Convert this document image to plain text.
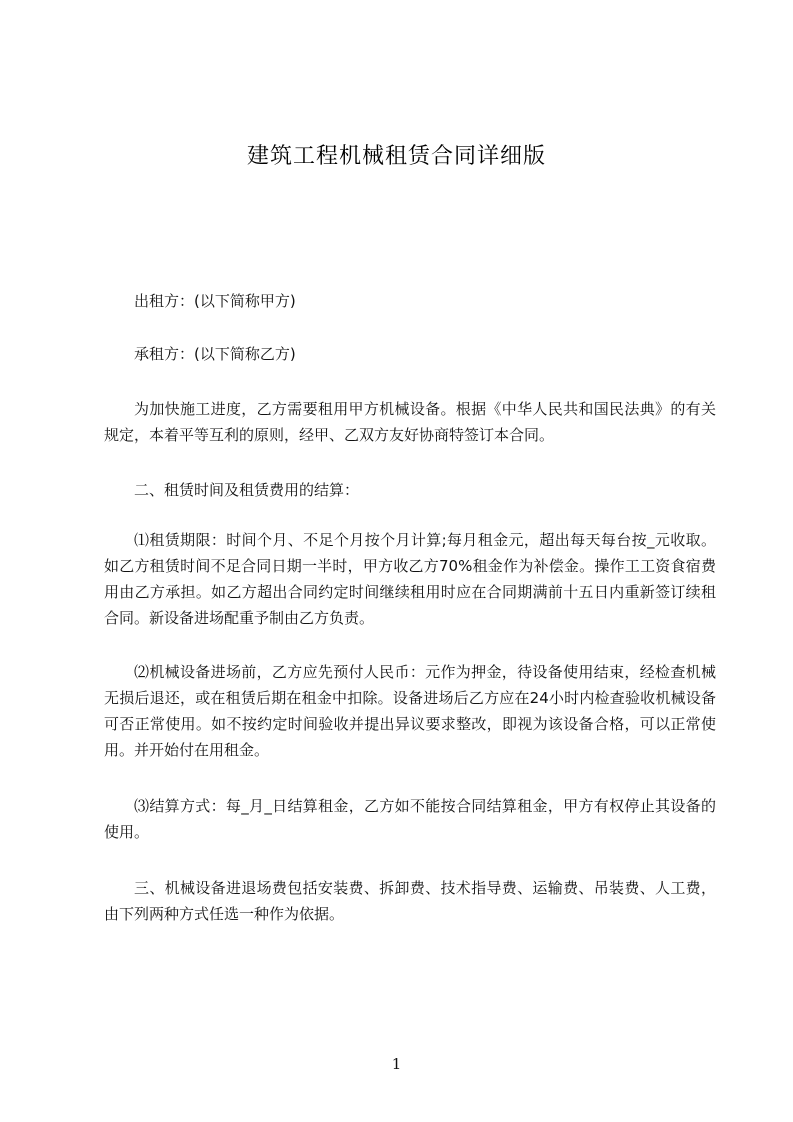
建筑工程机械租赁合同详细版

出租方：(以下简称甲方)

承租方：(以下简称乙方)

为加快施工进度，乙方需要租用甲方机械设备。根据《中华人民共和国民法典》的有关规定，本着平等互利的原则，经甲、乙双方友好协商特签订本合同。

二、租赁时间及租赁费用的结算：

⑴租赁期限：时间个月、不足个月按个月计算;每月租金元，超出每天每台按_元收取。如乙方租赁时间不足合同日期一半时，甲方收乙方70%租金作为补偿金。操作工工资食宿费用由乙方承担。如乙方超出合同约定时间继续租用时应在合同期满前十五日内重新签订续租合同。新设备进场配重予制由乙方负责。

⑵机械设备进场前，乙方应先预付人民币：元作为押金，待设备使用结束，经检查机械无损后退还，或在租赁后期在租金中扣除。设备进场后乙方应在24小时内检查验收机械设备可否正常使用。如不按约定时间验收并提出异议要求整改，即视为该设备合格，可以正常使用。并开始付在用租金。

⑶结算方式：每_月_日结算租金，乙方如不能按合同结算租金，甲方有权停止其设备的使用。

三、机械设备进退场费包括安装费、拆卸费、技术指导费、运输费、吊装费、人工费，由下列两种方式任选一种作为依据。

1
